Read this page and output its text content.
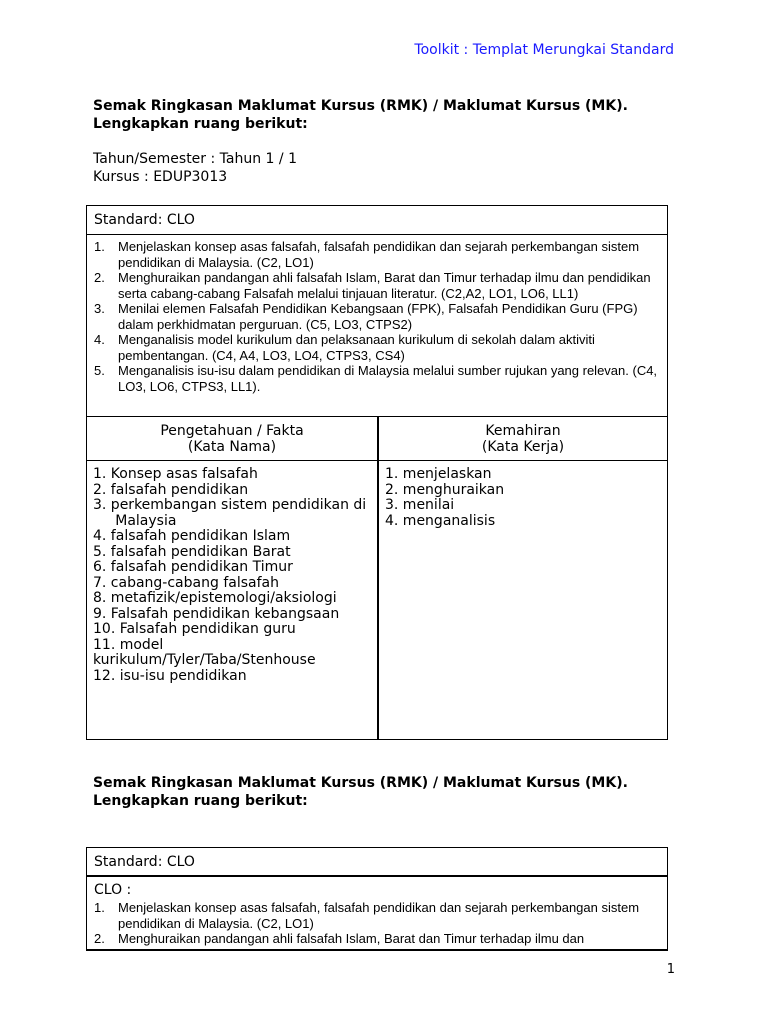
Toolkit : Templat Merungkai Standard
Semak Ringkasan Maklumat Kursus (RMK) / Maklumat Kursus (MK).
Lengkapkan ruang berikut:
Tahun/Semester : Tahun 1 / 1
Kursus : EDUP3013
Standard: CLO
1.	Menjelaskan konsep asas falsafah, falsafah pendidikan dan sejarah perkembangan sistem pendidikan di Malaysia. (C2, LO1)
2.	Menghuraikan pandangan ahli falsafah Islam, Barat dan Timur terhadap ilmu dan pendidikan serta cabang-cabang Falsafah melalui tinjauan literatur. (C2,A2, LO1, LO6, LL1)
3.	Menilai elemen Falsafah Pendidikan Kebangsaan (FPK), Falsafah Pendidikan Guru (FPG) dalam perkhidmatan perguruan. (C5, LO3, CTPS2)
4.	Menganalisis model kurikulum dan pelaksanaan kurikulum di sekolah dalam aktiviti pembentangan. (C4, A4, LO3, LO4, CTPS3, CS4)
5.	Menganalisis isu-isu dalam pendidikan di Malaysia melalui sumber rujukan yang relevan. (C4, LO3, LO6, CTPS3, LL1).
Pengetahuan / Fakta
(Kata Nama)
1. Konsep asas falsafah
2. falsafah pendidikan
3. perkembangan sistem pendidikan di
Malaysia
4. falsafah pendidikan Islam
5. falsafah pendidikan Barat
6. falsafah pendidikan Timur
7. cabang-cabang falsafah
8. metafizik/epistemologi/aksiologi
9. Falsafah pendidikan kebangsaan
10. Falsafah pendidikan guru
11. model kurikulum/Tyler/Taba/Stenhouse
12. isu-isu pendidikan
Kemahiran
(Kata Kerja)
1. menjelaskan
2. menghuraikan
3. menilai
4. menganalisis
Semak Ringkasan Maklumat Kursus (RMK) / Maklumat Kursus (MK).
Lengkapkan ruang berikut:
Standard: CLO
CLO :
1.	Menjelaskan konsep asas falsafah, falsafah pendidikan dan sejarah perkembangan sistem pendidikan di Malaysia. (C2, LO1)
2.	Menghuraikan pandangan ahli falsafah Islam, Barat dan Timur terhadap ilmu dan
1
